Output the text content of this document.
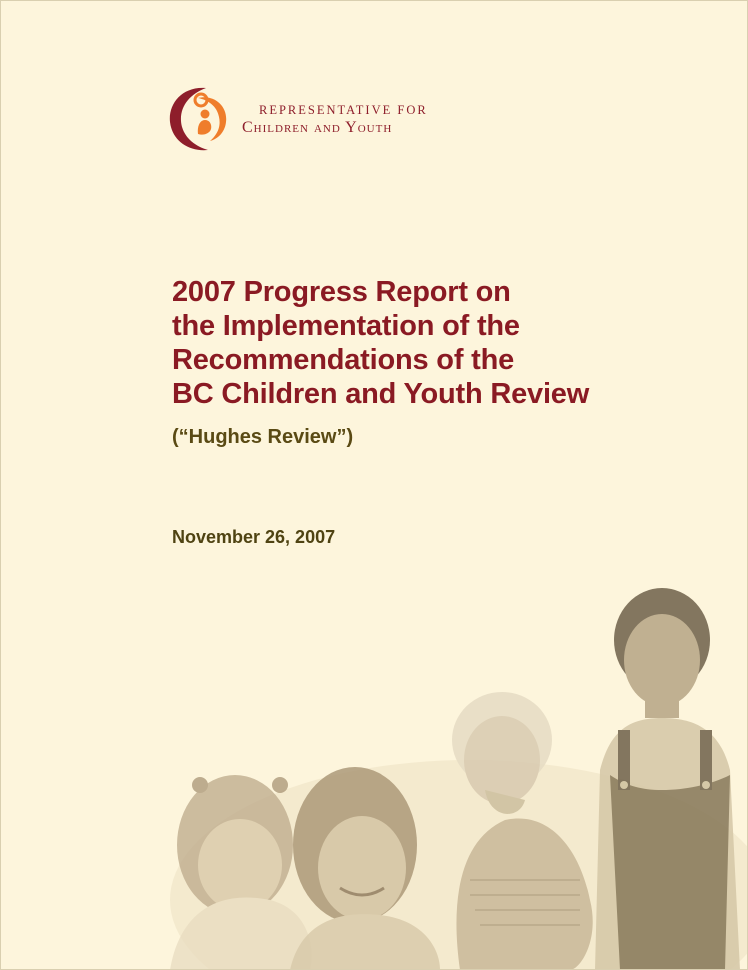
REPRESENTATIVE FOR
Children and Youth
2007 Progress Report on
the Implementation of the
Recommendations of the
BC Children and Youth Review
(“Hughes Review”)
November 26, 2007
